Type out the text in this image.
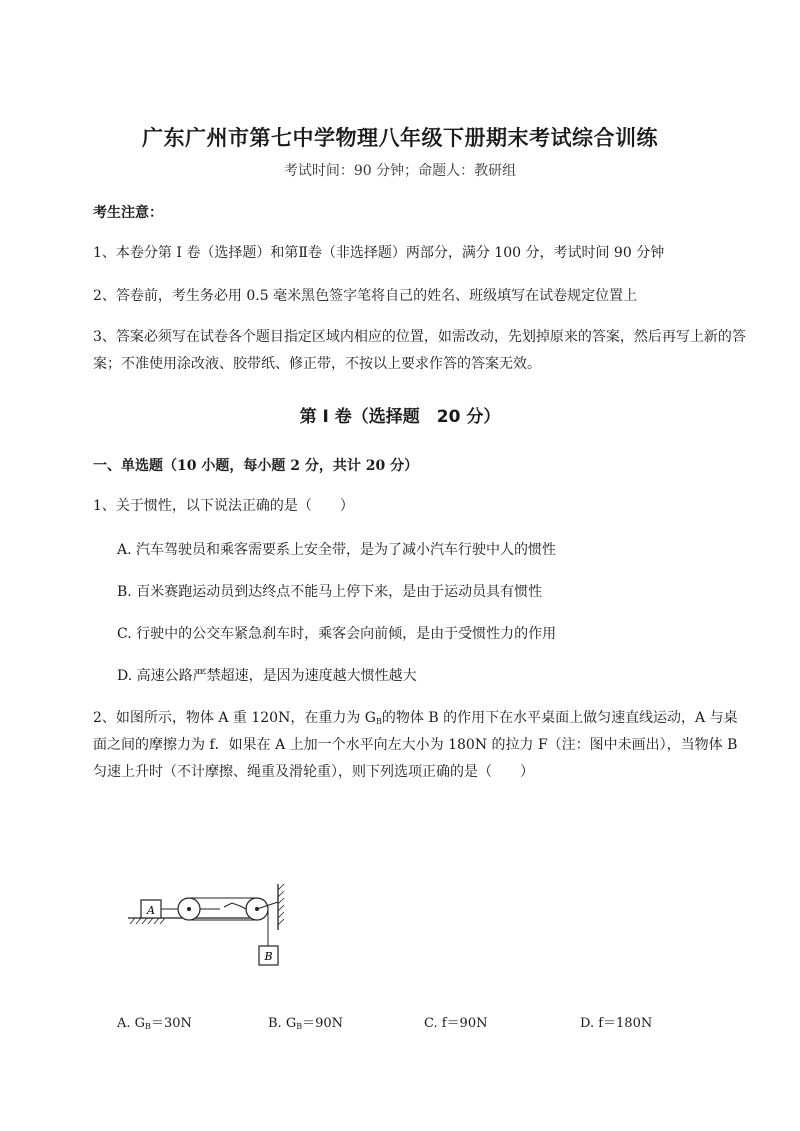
广东广州市第七中学物理八年级下册期末考试综合训练
考试时间：90 分钟；命题人：教研组
考生注意：
1、本卷分第 I 卷（选择题）和第Ⅱ卷（非选择题）两部分，满分 100 分，考试时间 90 分钟
2、答卷前，考生务必用 0.5 毫米黑色签字笔将自己的姓名、班级填写在试卷规定位置上
3、答案必须写在试卷各个题目指定区域内相应的位置，如需改动，先划掉原来的答案，然后再写上新的答案；不准使用涂改液、胶带纸、修正带，不按以上要求作答的答案无效。
第 I 卷（选择题　20 分）
一、单选题（10 小题，每小题 2 分，共计 20 分）
1、关于惯性，以下说法正确的是（　　）
A. 汽车驾驶员和乘客需要系上安全带，是为了减小汽车行驶中人的惯性
B. 百米赛跑运动员到达终点不能马上停下来，是由于运动员具有惯性
C. 行驶中的公交车紧急刹车时，乘客会向前倾，是由于受惯性力的作用
D. 高速公路严禁超速，是因为速度越大惯性越大
2、如图所示，物体 A 重 120N，在重力为 $G_B$的物体 B 的作用下在水平桌面上做匀速直线运动，A 与桌
面之间的摩擦力为 f．如果在 A 上加一个水平向左大小为 180N 的拉力 F（注：图中未画出），当物体 B
匀速上升时（不计摩擦、绳重及滑轮重），则下列选项正确的是（　　）
A
B
A. $G_B=30N$	B. $G_B=90N$	C. f＝90N	D. f＝180N
